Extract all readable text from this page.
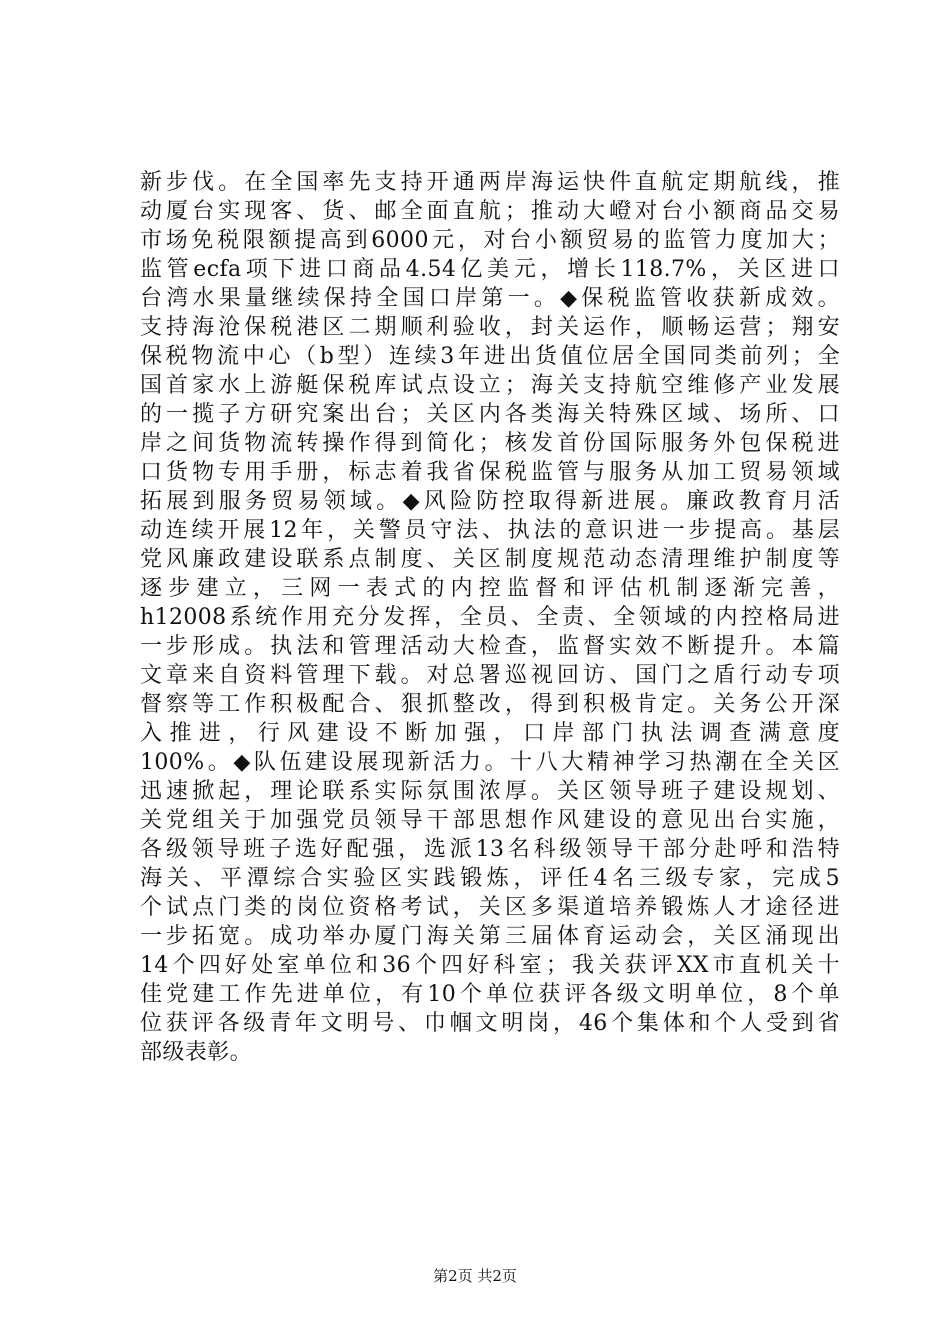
新步伐。在全国率先支持开通两岸海运快件直航定期航线，推
动厦台实现客、货、邮全面直航；推动大嶝对台小额商品交易
市场免税限额提高到6000元，对台小额贸易的监管力度加大；
监管ecfa项下进口商品4.54亿美元，增长118.7%，关区进口
台湾水果量继续保持全国口岸第一。◆保税监管收获新成效。
支持海沧保税港区二期顺利验收，封关运作，顺畅运营；翔安
保税物流中心（b型）连续3年进出货值位居全国同类前列；全
国首家水上游艇保税库试点设立；海关支持航空维修产业发展
的一揽子方研究案出台；关区内各类海关特殊区域、场所、口
岸之间货物流转操作得到简化；核发首份国际服务外包保税进
口货物专用手册，标志着我省保税监管与服务从加工贸易领域
拓展到服务贸易领域。◆风险防控取得新进展。廉政教育月活
动连续开展12年，关警员守法、执法的意识进一步提高。基层
党风廉政建设联系点制度、关区制度规范动态清理维护制度等
逐步建立，三网一表式的内控监督和评估机制逐渐完善，
h12008系统作用充分发挥，全员、全责、全领域的内控格局进
一步形成。执法和管理活动大检查，监督实效不断提升。本篇
文章来自资料管理下载。对总署巡视回访、国门之盾行动专项
督察等工作积极配合、狠抓整改，得到积极肯定。关务公开深
入推进，行风建设不断加强，口岸部门执法调查满意度
100%。◆队伍建设展现新活力。十八大精神学习热潮在全关区
迅速掀起，理论联系实际氛围浓厚。关区领导班子建设规划、
关党组关于加强党员领导干部思想作风建设的意见出台实施，
各级领导班子选好配强，选派13名科级领导干部分赴呼和浩特
海关、平潭综合实验区实践锻炼，评任4名三级专家，完成5
个试点门类的岗位资格考试，关区多渠道培养锻炼人才途径进
一步拓宽。成功举办厦门海关第三届体育运动会，关区涌现出
14个四好处室单位和36个四好科室；我关获评XX市直机关十
佳党建工作先进单位，有10个单位获评各级文明单位，8个单
位获评各级青年文明号、巾帼文明岗，46个集体和个人受到省
部级表彰。
第2页 共2页
